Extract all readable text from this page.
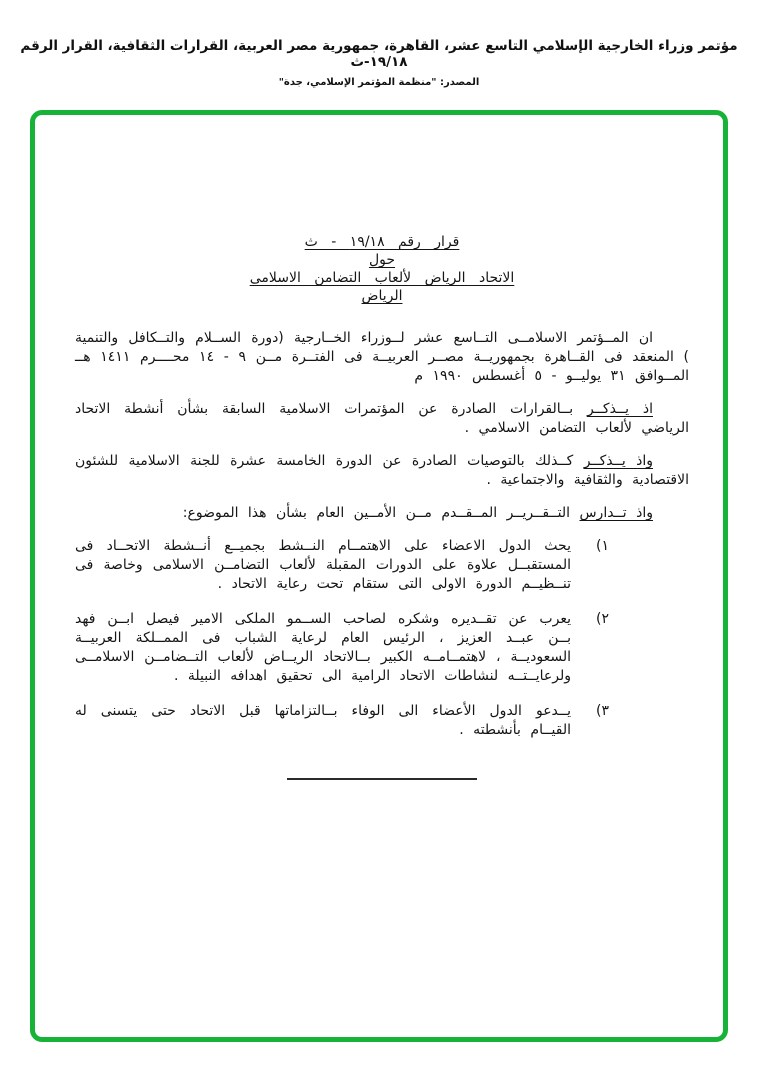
مؤتمر وزراء الخارجية الإسلامي التاسع عشر، القاهرة، جمهورية مصر العربية، القرارات الثقافية، القرار الرقم ١٩/١٨-ث
المصدر: "منظمة المؤتمر الإسلامي، جدة"
قرار رقم ١٩/١٨ - ث
حول
الاتحاد الرياض لألعاب التضامن الاسلامى
الرياض

ان المــؤتمر الاسلامــى التــاسع عشر لــوزراء الخــارجية (دورة الســلام والتــكافل والتنمية ) المنعقد فى القــاهرة بجمهوريــة مصــر العربيــة فى الفتــرة مــن ٩ - ١٤ محــــرم ١٤١١ هــ المــوافق ٣١ يوليــو - ٥ أغسطس ١٩٩٠ م

اذ يــذكــر بــالقرارات الصادرة عن المؤتمرات الاسلامية السابقة بشأن أنشطة الاتحاد الرياضي لألعاب التضامن الاسلامي .

واذ يــذكــر كــذلك بالتوصيات الصادرة عن الدورة الخامسة عشرة للجنة الاسلامية للشئون الاقتصادية والثقافية والاجتماعية .

واذ تــدارس التــقــريــر المــقــدم مــن الأمــين العام بشأن هذا الموضوع:

١)
يحث الدول الاعضاء على الاهتمــام النــشط بجميــع أنــشطة الاتحــاد فى المستقبــل علاوة على الدورات المقبلة لألعاب التضامــن الاسلامى وخاصة فى تنــظيــم الدورة الاولى التى ستقام تحت رعاية الاتحاد .
٢)
يعرب عن تقــديره وشكره لصاحب الســمو الملكى الامير فيصل ابــن فهد بــن عبــد العزيز ، الرئيس العام لرعاية الشباب فى الممــلكة العربيــة السعوديــة ، لاهتمــامــه الكبير بــالاتحاد الريــاض لألعاب التــضامــن الاسلامــى ولرعايــتــه لنشاطات الاتحاد الرامية الى تحقيق اهدافه النبيلة .
٣)
يــدعو الدول الأعضاء الى الوفاء بــالتزاماتها قبل الاتحاد حتى يتسنى له القيــام بأنشطته .
